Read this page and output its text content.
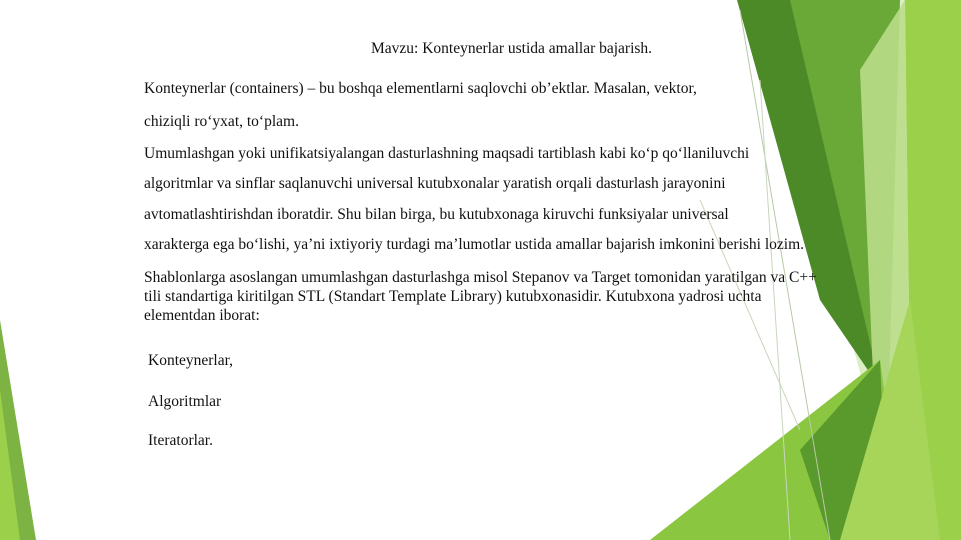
Mavzu: Konteynerlar ustida amallar bajarish.
Konteynerlar (containers) – bu boshqa elementlarni saqlovchi ob’ektlar. Masalan, vektor,
chiziqli ro‘yxat, to‘plam.
Umumlashgan yoki unifikatsiyalangan dasturlashning maqsadi tartiblash kabi ko‘p qo‘llaniluvchi
algoritmlar va sinflar saqlanuvchi universal kutubxonalar yaratish orqali dasturlash jarayonini
avtomatlashtirishdan iboratdir. Shu bilan birga, bu kutubxonaga kiruvchi funksiyalar universal
xarakterga ega bo‘lishi, ya’ni ixtiyoriy turdagi ma’lumotlar ustida amallar bajarish imkonini berishi lozim.
Shablonlarga asoslangan umumlashgan dasturlashga misol Stepanov va Target tomonidan yaratilgan va C++
tili standartiga kiritilgan STL (Standart Template Library) kutubxonasidir. Kutubxona yadrosi uchta
elementdan iborat:
Konteynerlar,
Algoritmlar
Iteratorlar.
